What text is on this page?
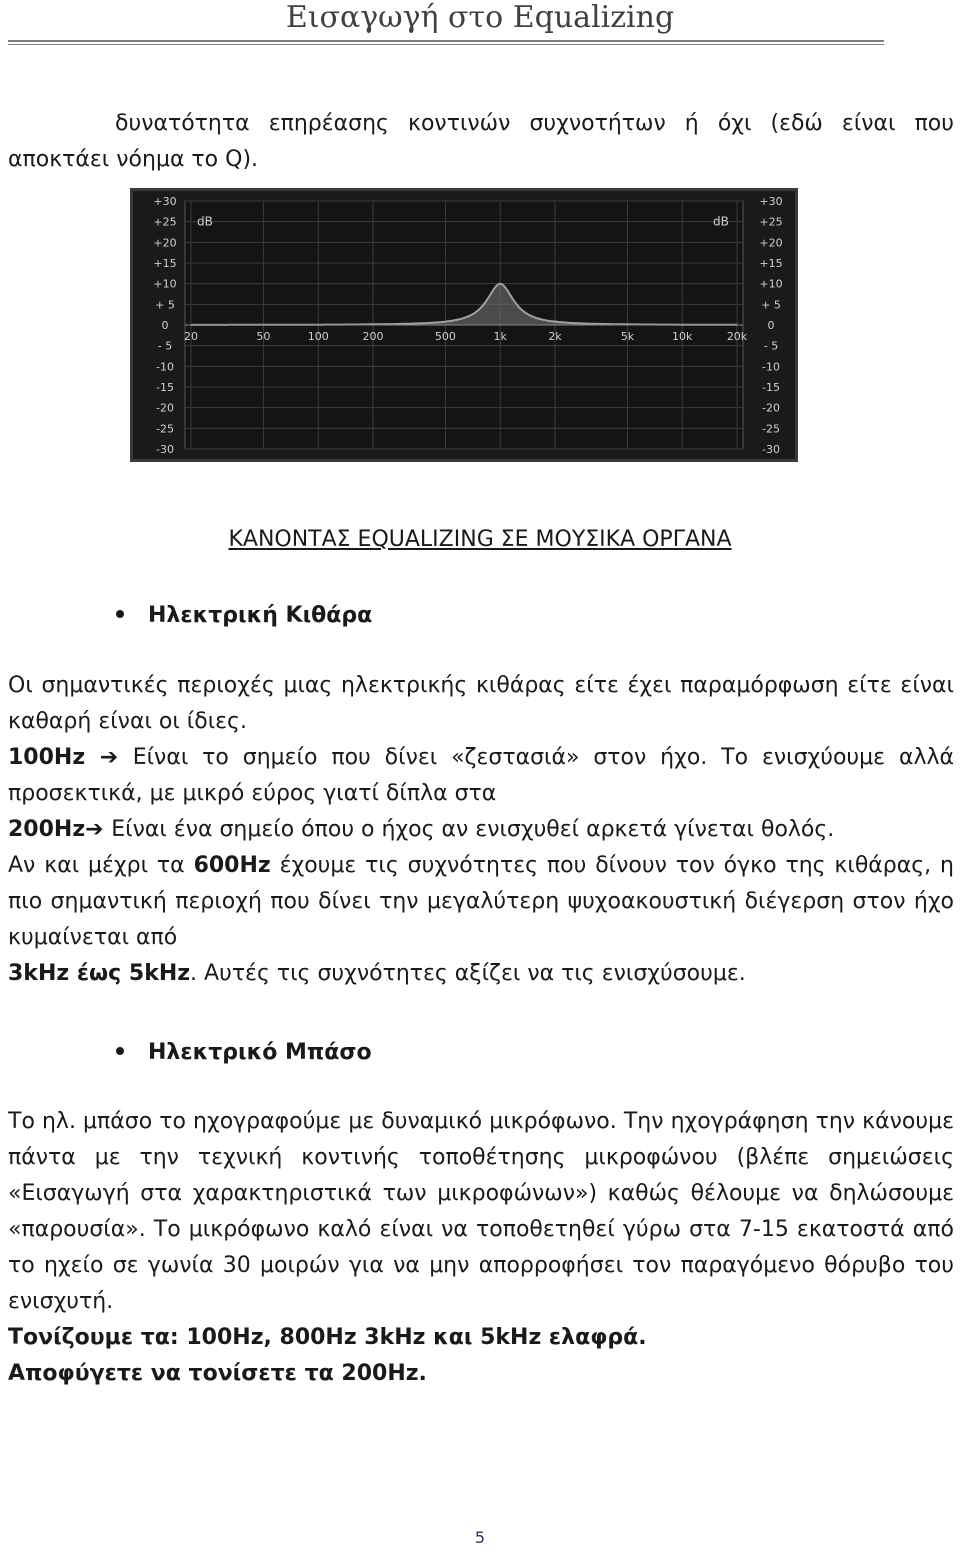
Εισαγωγή στο Equalizing

δυνατότητα επηρέασης κοντινών συχνοτήτων ή όχι (εδώ είναι που αποκτάει νόημα το Q).

+30	+30
+25	+25
+20	+20
+15	+15
+10	+10
+ 5	+ 5
0	0
- 5	- 5
-10	-10
-15	-15
-20	-20
-25	-25
-30	-30
dB	dB
20	50	100	200	500	1k	2k	5k	10k	20k
ΚΑΝΟΝΤΑΣ EQUALIZING ΣΕ ΜΟΥΣΙΚΑ ΟΡΓΑΝΑ
Ηλεκτρική Κιθάρα

Οι σημαντικές περιοχές μιας ηλεκτρικής κιθάρας είτε έχει παραμόρφωση είτε είναι καθαρή είναι οι ίδιες.

100Hz ➔ Είναι το σημείο που δίνει «ζεστασιά» στον ήχο. Το ενισχύουμε αλλά προσεκτικά, με μικρό εύρος γιατί δίπλα στα

200Hz➔ Είναι ένα σημείο όπου ο ήχος αν ενισχυθεί αρκετά γίνεται θολός.

Αν και μέχρι τα 600Hz έχουμε τις συχνότητες που δίνουν τον όγκο της κιθάρας, η πιο σημαντική περιοχή που δίνει την μεγαλύτερη ψυχοακουστική διέγερση στον ήχο κυμαίνεται από

3kHz έως 5kHz. Αυτές τις συχνότητες αξίζει να τις ενισχύσουμε.

Ηλεκτρικό Μπάσο

Το ηλ. μπάσο το ηχογραφούμε με δυναμικό μικρόφωνο. Την ηχογράφηση την κάνουμε πάντα με την τεχνική κοντινής τοποθέτησης μικροφώνου (βλέπε σημειώσεις «Εισαγωγή στα χαρακτηριστικά των μικροφώνων») καθώς θέλουμε να δηλώσουμε «παρουσία». Το μικρόφωνο καλό είναι να τοποθετηθεί γύρω στα 7-15 εκατοστά από το ηχείο σε γωνία 30 μοιρών για να μην απορροφήσει τον παραγόμενο θόρυβο του ενισχυτή.

Τονίζουμε τα: 100Hz, 800Hz 3kHz και 5kHz ελαφρά.

Αποφύγετε να τονίσετε τα 200Hz.

5
